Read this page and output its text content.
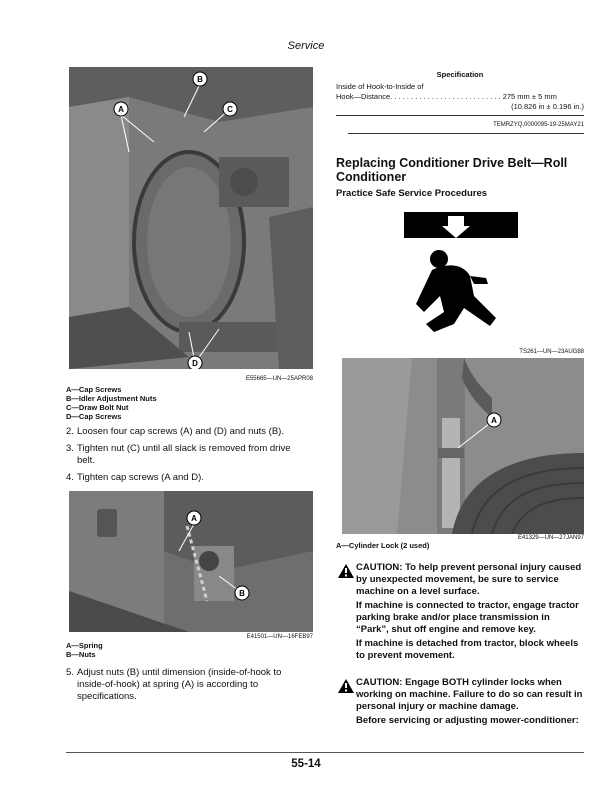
Service
A
B
C
D
E55665—UN—25APR08
A—Cap Screws
B—Idler Adjustment Nuts
C—Draw Bolt Nut
D—Cap Screws
2. Loosen four cap screws (A) and (D) and nuts (B).
3. Tighten nut (C) until all slack is removed from drive belt.
4. Tighten cap screws (A and D).
A
B
E41501—UN—16FEB97
A—Spring
B—Nuts
5. Adjust nuts (B) until dimension (inside-of-hook to inside-of-hook) at spring (A) is according to specifications.
Specification
Inside of Hook-to-Inside of
Hook—Distance. . . . . . . . . . . . . . . . . . . . . . . . . . . 275 mm ± 5 mm
(10.826 in ± 0.196 in.)
TEMRZYQ,0000095-19-25MAY21
Replacing Conditioner Drive Belt—Roll Conditioner
Practice Safe Service Procedures
TS261—UN—23AUG88
A
E41329—UN—27JAN97
A—Cylinder Lock (2 used)
CAUTION: To help prevent personal injury caused by unexpected movement, be sure to service machine on a level surface.
If machine is connected to tractor, engage tractor parking brake and/or place transmission in “Park”, shut off engine and remove key.
If machine is detached from tractor, block wheels to prevent movement.
CAUTION: Engage BOTH cylinder locks when working on machine. Failure to do so can result in personal injury or machine damage.
Before servicing or adjusting mower-conditioner:
55-14
